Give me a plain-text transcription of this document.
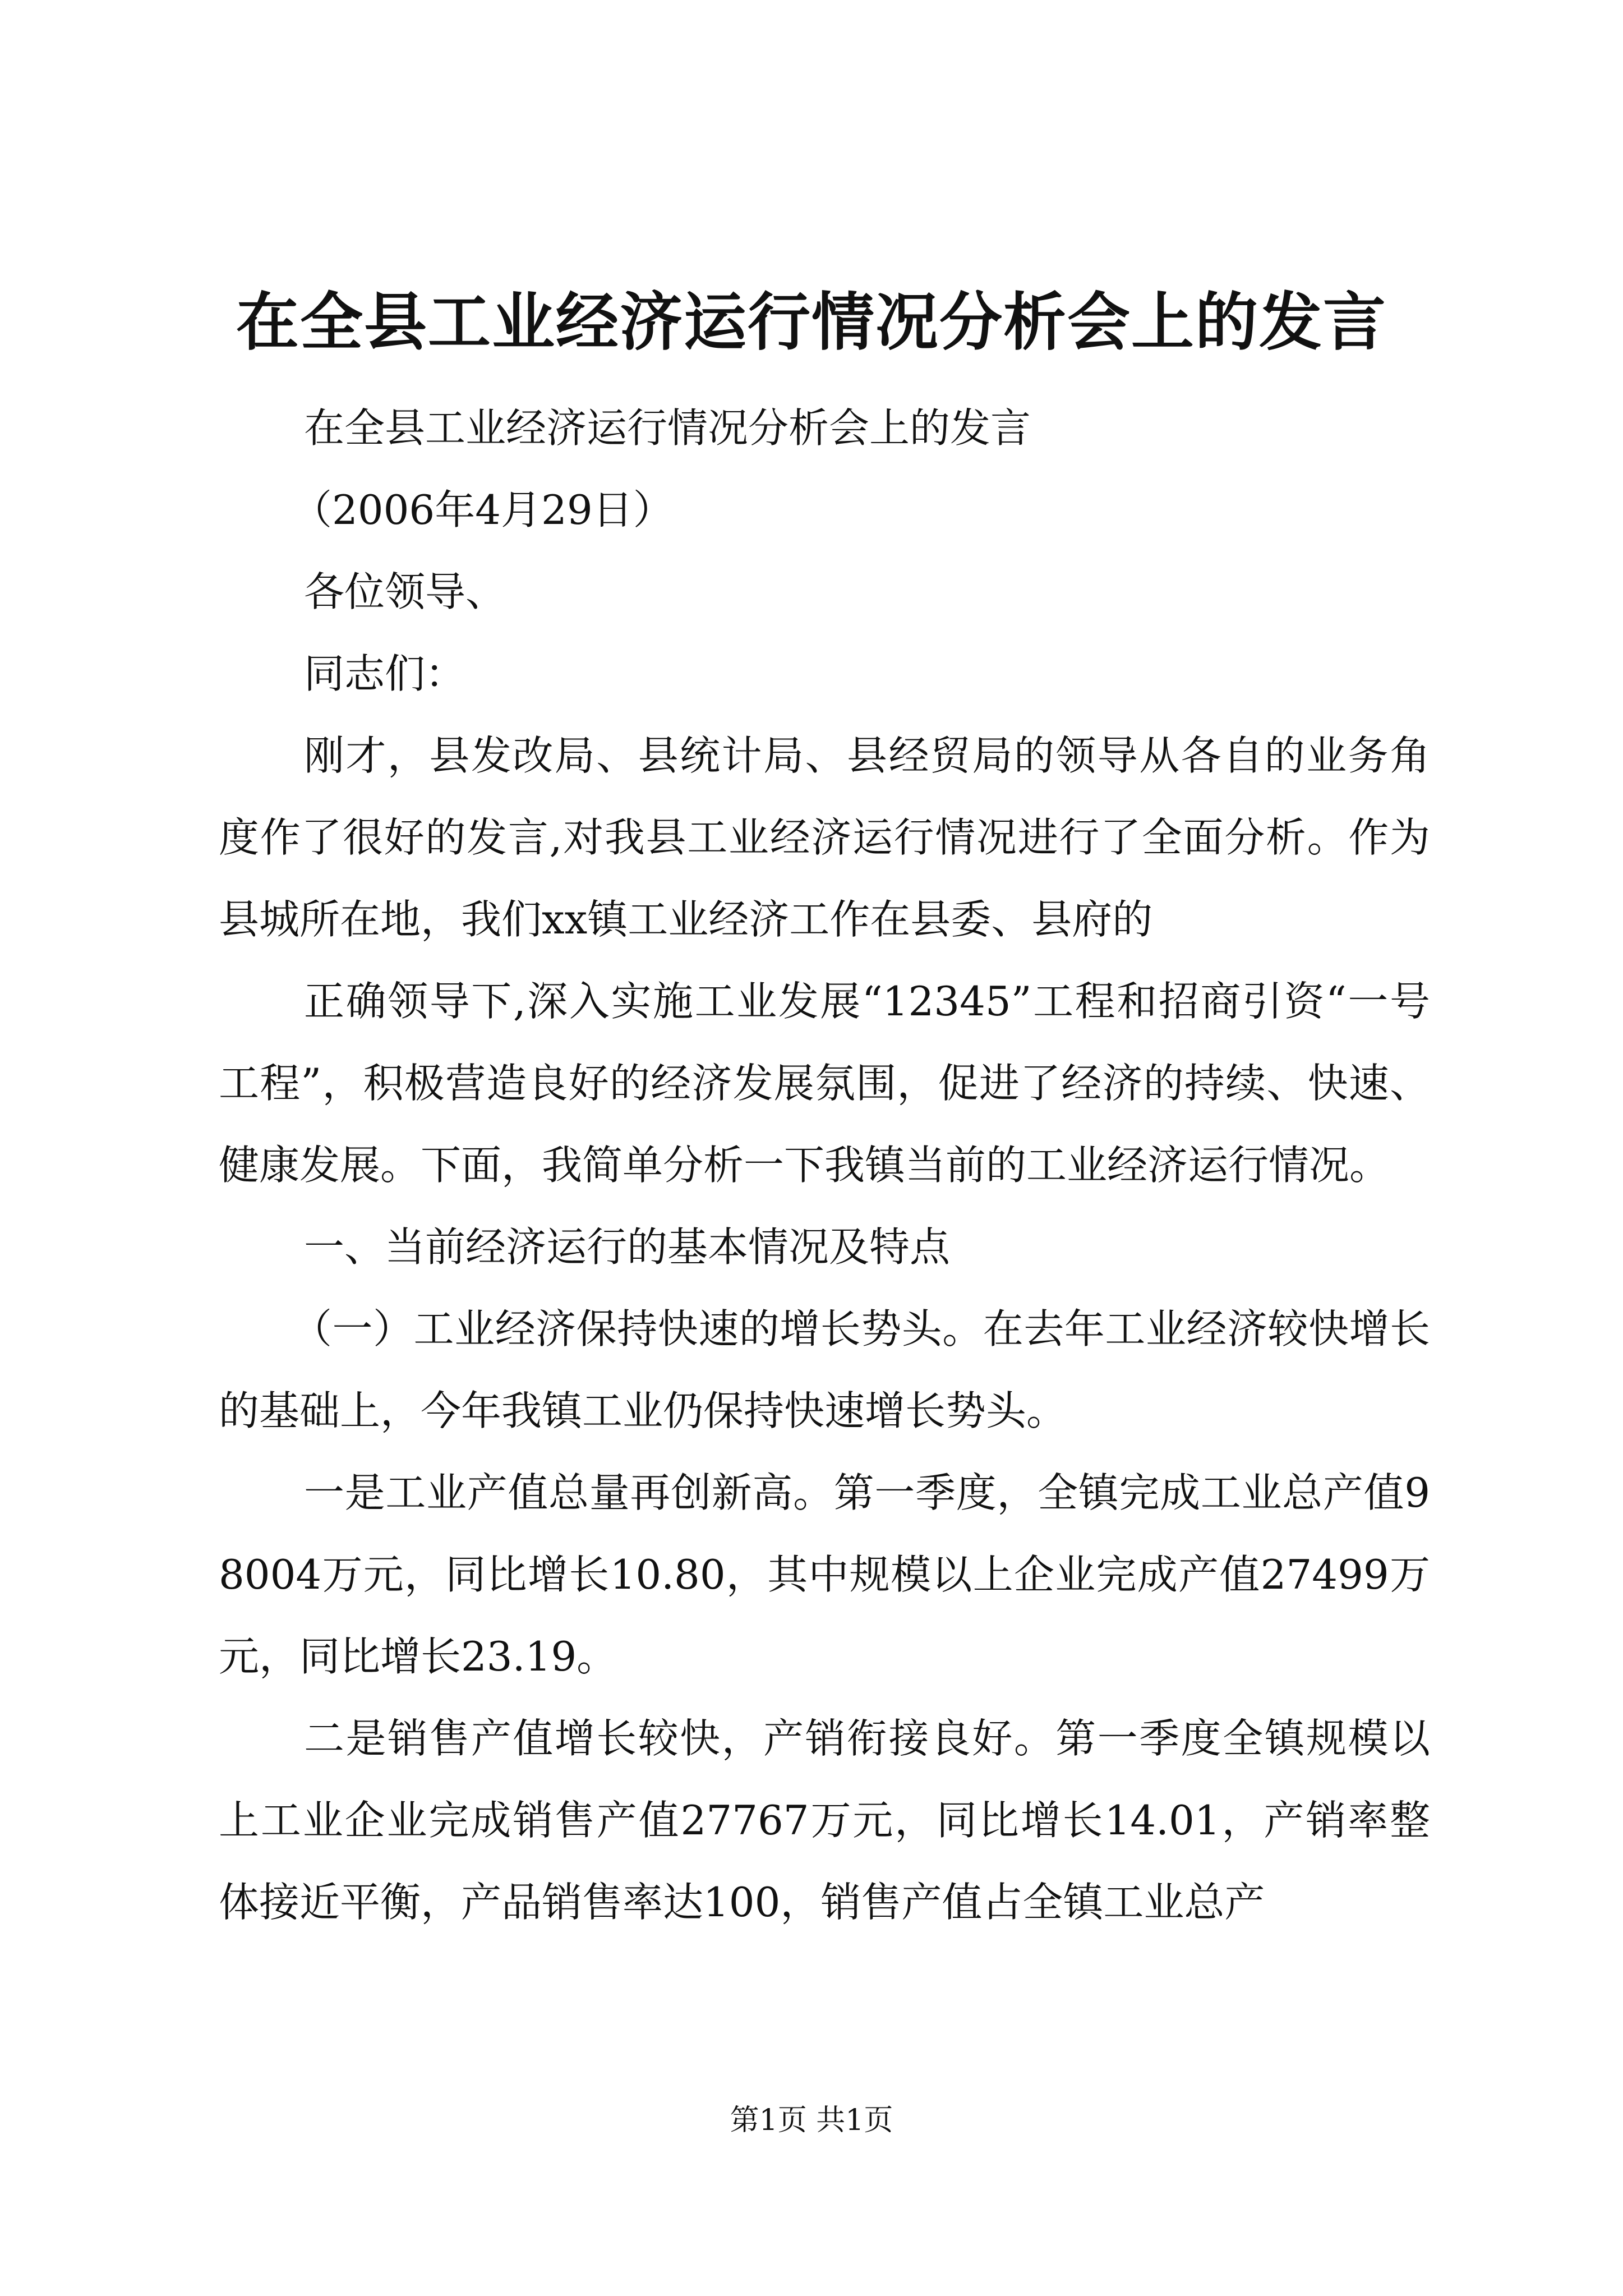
在全县工业经济运行情况分析会上的发言

在全县工业经济运行情况分析会上的发言

（2006年4月29日）

各位领导、

同志们：

刚才，县发改局、县统计局、县经贸局的领导从各自的业务角度作了很好的发言,对我县工业经济运行情况进行了全面分析。作为县城所在地，我们xx镇工业经济工作在县委、县府的

正确领导下,深入实施工业发展“12345”工程和招商引资“一号工程”，积极营造良好的经济发展氛围，促进了经济的持续、快速、健康发展。下面，我简单分析一下我镇当前的工业经济运行情况。

一、当前经济运行的基本情况及特点

（一）工业经济保持快速的增长势头。在去年工业经济较快增长的基础上，今年我镇工业仍保持快速增长势头。

一是工业产值总量再创新高。第一季度，全镇完成工业总产值98004万元，同比增长10.80，其中规模以上企业完成产值27499万元，同比增长23.19。

二是销售产值增长较快，产销衔接良好。第一季度全镇规模以上工业企业完成销售产值27767万元，同比增长14.01，产销率整体接近平衡，产品销售率达100，销售产值占全镇工业总产

第1页 共1页
